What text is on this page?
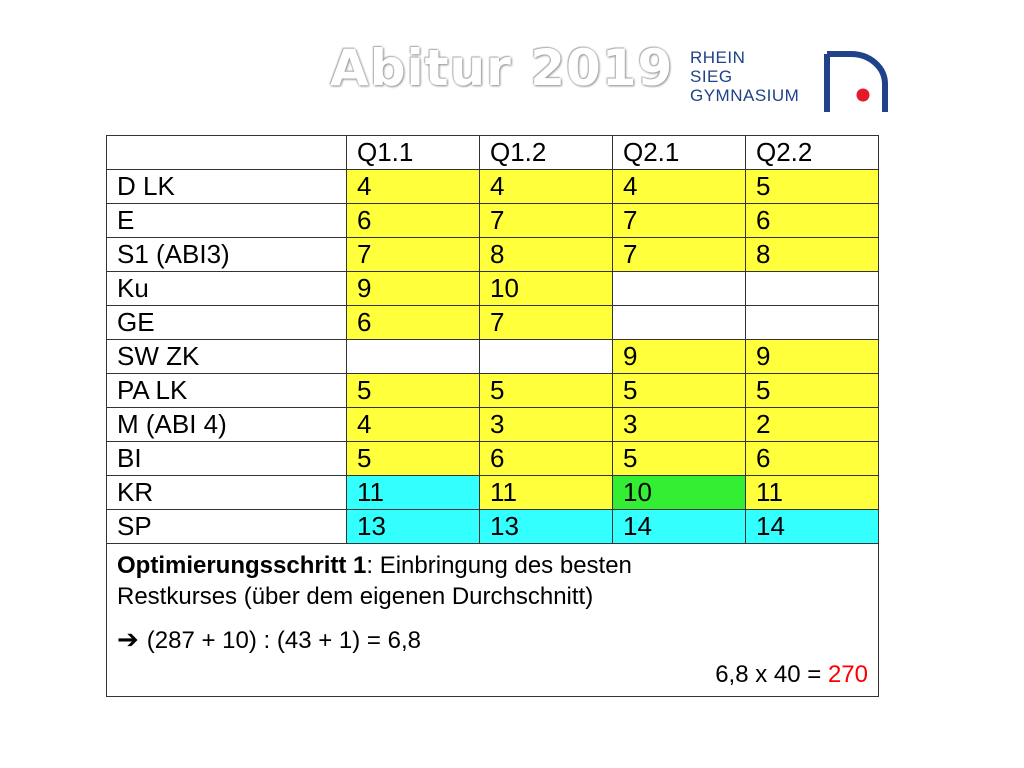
Abitur 2019 RHEIN
SIEG
GYMNASIUM
	Q1.1	Q1.2	Q2.1	Q2.2
D LK	4	4	4	5
E	6	7	7	6
S1 (ABI3)	7	8	7	8
Ku	9	10		
GE	6	7		
SW ZK			9	9
PA LK	5	5	5	5
M (ABI 4)	4	3	3	2
BI	5	6	5	6
KR	11	11	10	11
SP	13	13	14	14

Optimierungsschritt 1: Einbringung des besten
Restkurses (über dem eigenen Durchschnitt)
➔ (287 + 10) : (43 + 1) = 6,8
6,8 x 40 = 270				
